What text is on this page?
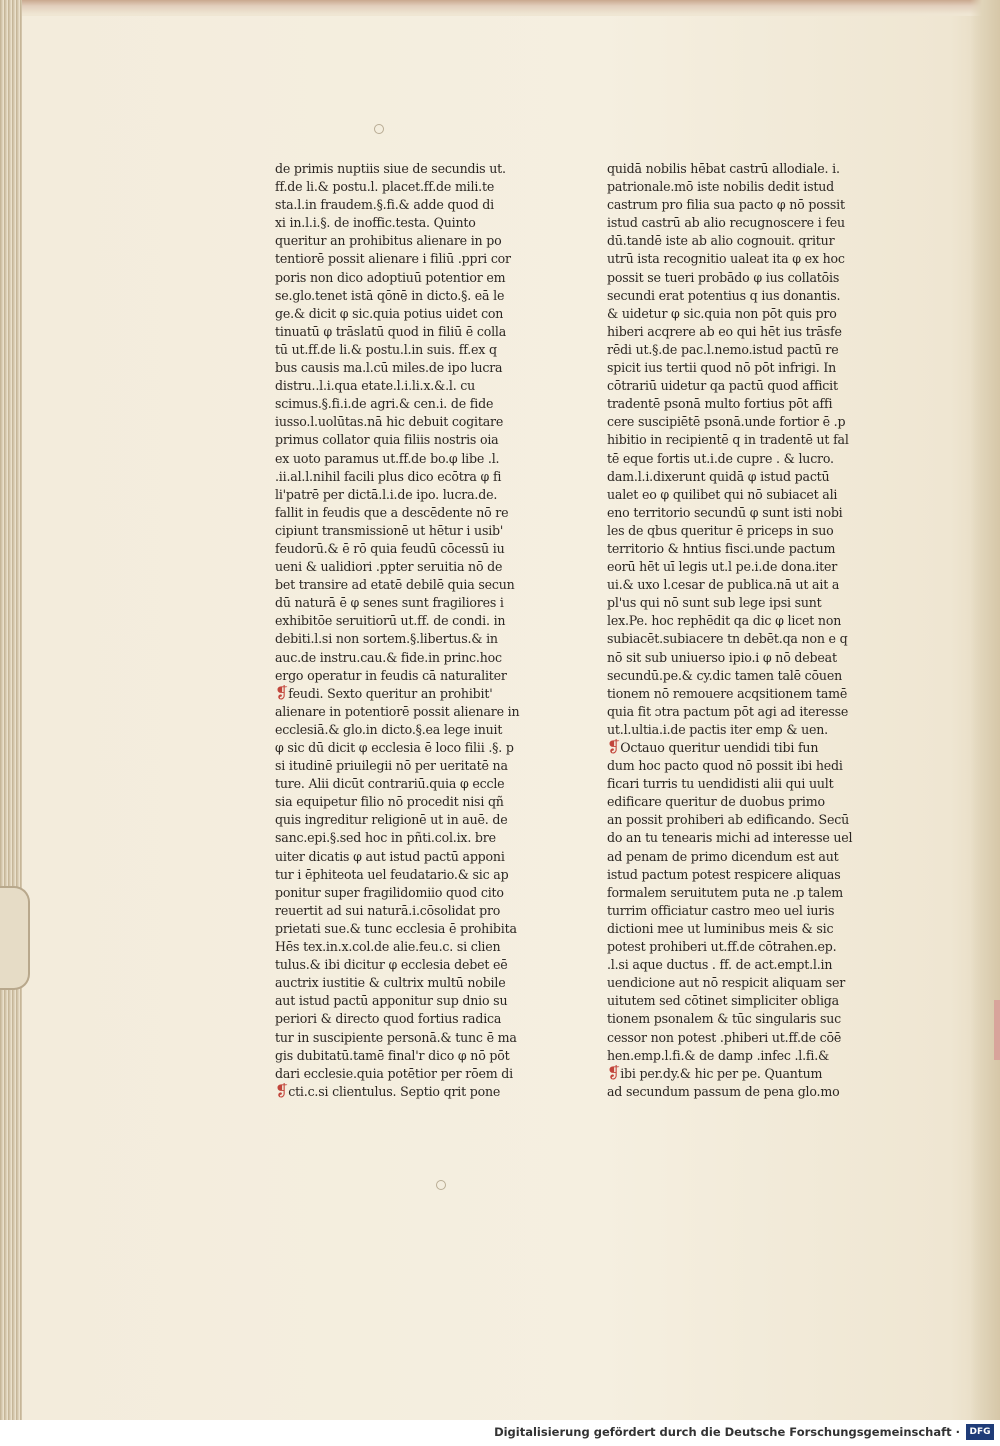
de primis nuptiis siue de secundis ut.
ff.de li.& postu.l. placet.ff.de mili.te
sta.l.in fraudem.§.fi.& adde quod di
xi in.l.i.§. de inoffic.testa. Quinto
queritur an prohibitus alienare in po
tentiorē possit alienare i filiū .ppri cor
poris non dico adoptiuū potentior em
se.glo.tenet istā qōnē in dicto.§. eā le
ge.& dicit φ sic.quia potius uidet con
tinuatū φ trāslatū quod in filiū ē colla
tū ut.ff.de li.& postu.l.in suis. ff.ex q
bus causis ma.l.cū miles.de ipo lucra
distru..l.i.qua etate.l.i.li.x.&.l. cu
scimus.§.fi.i.de agri.& cen.i. de fide
iusso.l.uolūtas.nā hic debuit cogitare
primus collator quia filiis nostris oia
ex uoto paramus ut.ff.de bo.φ libe .l.
.ii.al.l.nihil facili plus dico ecōtra φ fi
li'patrē per dictā.l.i.de ipo. lucra.de.
fallit in feudis que a descēdente nō re
cipiunt transmissionē ut hētur i usib'
feudorū.& ē rō quia feudū cōcessū iu
ueni & ualidiori .ppter seruitia nō de
bet transire ad etatē debilē quia secun
dū naturā ē φ senes sunt fragiliores i
exhibitōe seruitiorū ut.ff. de condi. in
debiti.l.si non sortem.§.libertus.& in
auc.de instru.cau.& fide.in princ.hoc
ergo operatur in feudis cā naturaliter
❡feudi. Sexto queritur an prohibit'
alienare in potentiorē possit alienare in
ecclesiā.& glo.in dicto.§.ea lege inuit
φ sic dū dicit φ ecclesia ē loco filii .§. p
si itudinē priuilegii nō per ueritatē na
ture. Alii dicūt contrariū.quia φ eccle
sia equipetur filio nō procedit nisi qñ
quis ingreditur religionē ut in auē. de
sanc.epi.§.sed hoc in pñti.col.ix. bre
uiter dicatis φ aut istud pactū apponi
tur i ēphiteota uel feudatario.& sic ap
ponitur super fragilidomiio quod cito
reuertit ad sui naturā.i.cōsolidat pro
prietati sue.& tunc ecclesia ē prohibita
Hēs tex.in.x.col.de alie.feu.c. si clien
tulus.& ibi dicitur φ ecclesia debet eē
auctrix iustitie & cultrix multū nobile
aut istud pactū apponitur sup dnio su
periori & directo quod fortius radica
tur in suscipiente personā.& tunc ē ma
gis dubitatū.tamē final'r dico φ nō pōt
dari ecclesie.quia potētior per rōem di
❡cti.c.si clientulus. Septio qrit pone
quidā nobilis hēbat castrū allodiale. i.
patrionale.mō iste nobilis dedit istud
castrum pro filia sua pacto φ nō possit
istud castrū ab alio recugnoscere i feu
dū.tandē iste ab alio cognouit. qritur
utrū ista recognitio ualeat ita φ ex hoc
possit se tueri probādo φ ius collatōis
secundi erat potentius q ius donantis.
& uidetur φ sic.quia non pōt quis pro
hiberi acqrere ab eo qui hēt ius trāsfe
rēdi ut.§.de pac.l.nemo.istud pactū re
spicit ius tertii quod nō pōt infrigi. In
cōtrariū uidetur qa pactū quod afficit
tradentē psonā multo fortius pōt affi
cere suscipiētē psonā.unde fortior ē .p
hibitio in recipientē q in tradentē ut fal
tē eque fortis ut.i.de cupre . & lucro.
dam.l.i.dixerunt quidā φ istud pactū
ualet eo φ quilibet qui nō subiacet ali
eno territorio secundū φ sunt isti nobi
les de qbus queritur ē priceps in suo
territorio & hntius fisci.unde pactum
eorū hēt uī legis ut.l pe.i.de dona.iter
ui.& uxo l.cesar de publica.nā ut ait a
pl'us qui nō sunt sub lege ipsi sunt
lex.Pe. hoc rephēdit qa dic φ licet non
subiacēt.subiacere tn debēt.qa non e q
nō sit sub uniuerso ipio.i φ nō debeat
secundū.pe.& cy.dic tamen talē cōuen
tionem nō remouere acqsitionem tamē
quia fit ɔtra pactum pōt agi ad iteresse
ut.l.ultia.i.de pactis iter emp & uen.
❡Octauo queritur uendidi tibi fun
dum hoc pacto quod nō possit ibi hedi
ficari turris tu uendidisti alii qui uult
edificare queritur de duobus primo
an possit prohiberi ab edificando. Secū
do an tu tenearis michi ad interesse uel
ad penam de primo dicendum est aut
istud pactum potest respicere aliquas
formalem seruitutem puta ne .p talem
turrim officiatur castro meo uel iuris
dictioni mee ut luminibus meis & sic
potest prohiberi ut.ff.de cōtrahen.ep.
.l.si aque ductus . ff. de act.empt.l.in
uendicione aut nō respicit aliquam ser
uitutem sed cōtinet simpliciter obliga
tionem psonalem & tūc singularis suc
cessor non potest .phiberi ut.ff.de cōē
hen.emp.l.fi.& de damp .infec .l.fi.&
❡ibi per.dy.& hic per pe. Quantum
ad secundum passum de pena glo.mo
Digitalisierung gefördert durch die Deutsche Forschungsgemeinschaft ·	DFG
